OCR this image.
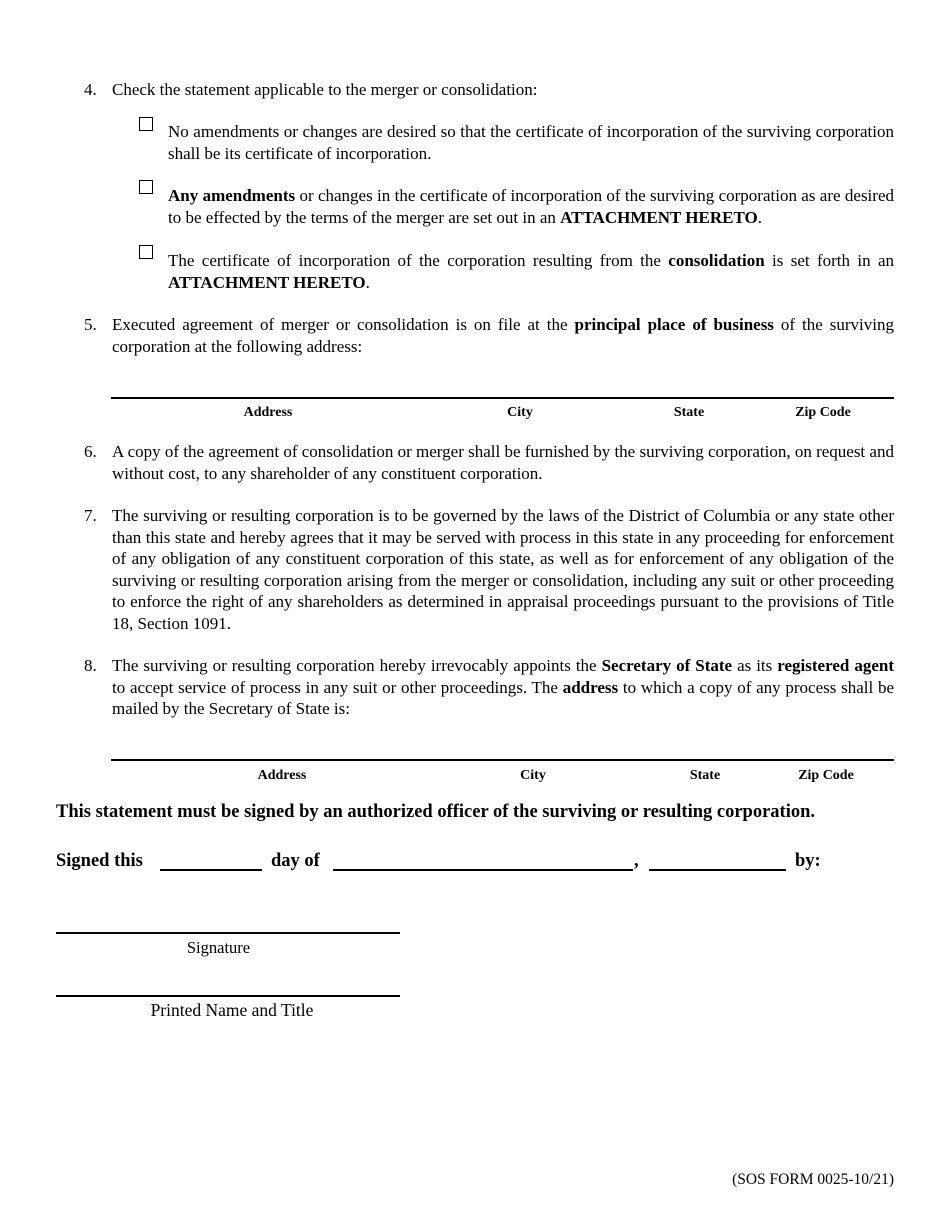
4. Check the statement applicable to the merger or consolidation:
No amendments or changes are desired so that the certificate of incorporation of the surviving corporation shall be its certificate of incorporation.
Any amendments or changes in the certificate of incorporation of the surviving corporation as are desired to be effected by the terms of the merger are set out in an ATTACHMENT HERETO.
The certificate of incorporation of the corporation resulting from the consolidation is set forth in an ATTACHMENT HERETO.
5. Executed agreement of merger or consolidation is on file at the principal place of business of the surviving corporation at the following address:
Address	City	State	Zip Code
6. A copy of the agreement of consolidation or merger shall be furnished by the surviving corporation, on request and without cost, to any shareholder of any constituent corporation.
7. The surviving or resulting corporation is to be governed by the laws of the District of Columbia or any state other than this state and hereby agrees that it may be served with process in this state in any proceeding for enforcement of any obligation of any constituent corporation of this state, as well as for enforcement of any obligation of the surviving or resulting corporation arising from the merger or consolidation, including any suit or other proceeding to enforce the right of any shareholders as determined in appraisal proceedings pursuant to the provisions of Title 18, Section 1091.
8. The surviving or resulting corporation hereby irrevocably appoints the Secretary of State as its registered agent to accept service of process in any suit or other proceedings. The address to which a copy of any process shall be mailed by the Secretary of State is:
Address	City	State	Zip Code
This statement must be signed by an authorized officer of the surviving or resulting corporation.
Signed this	day of	,	by:
Signature
Printed Name and Title
(SOS FORM 0025-10/21)
